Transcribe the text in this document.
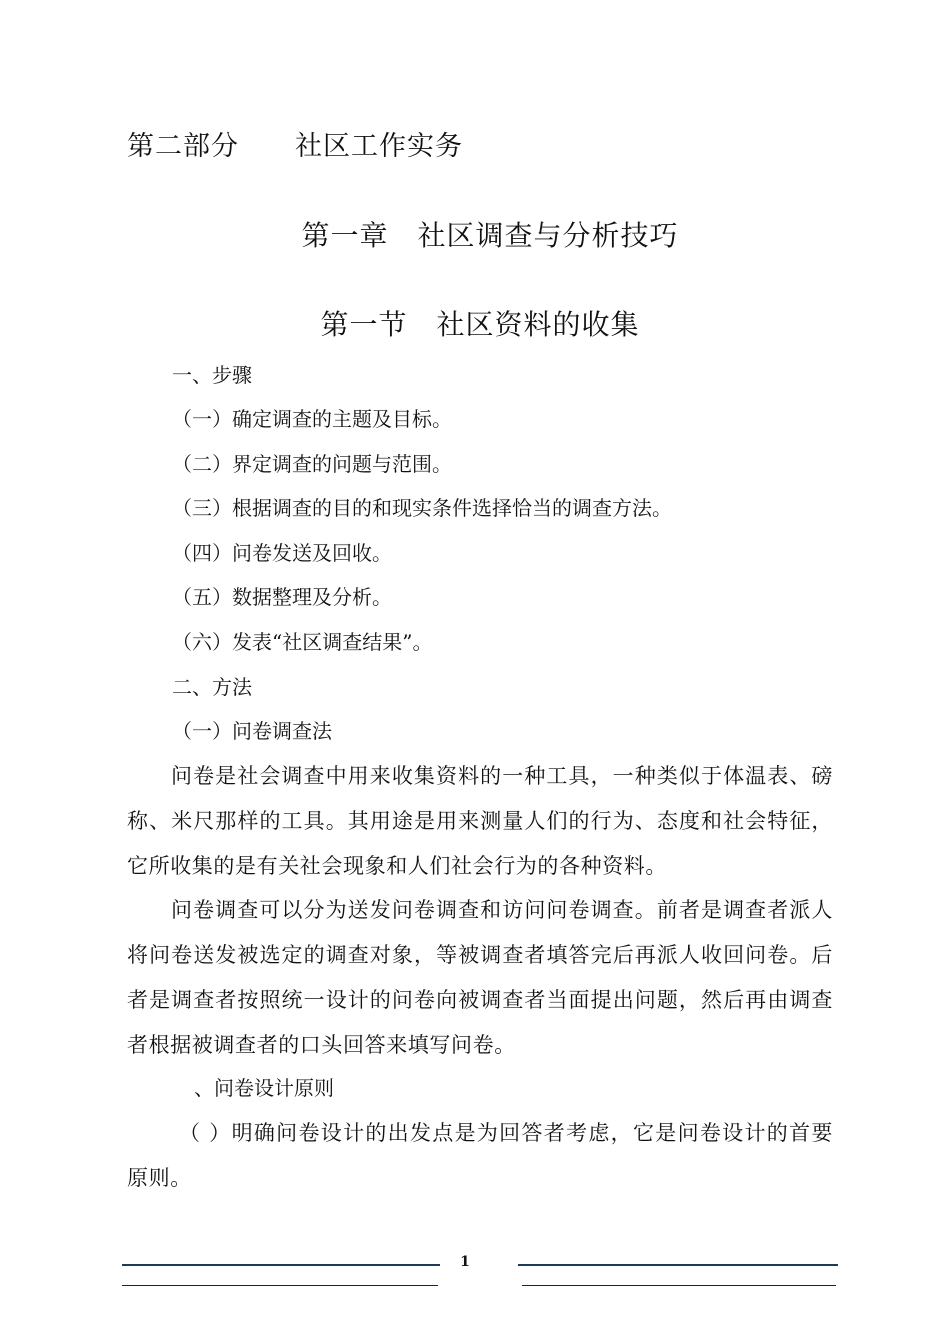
第二部分　　社区工作实务
第一章　社区调查与分析技巧
第一节　社区资料的收集
一、步骤
（一）确定调查的主题及目标。
（二）界定调查的问题与范围。
（三）根据调查的目的和现实条件选择恰当的调查方法。
（四）问卷发送及回收。
（五）数据整理及分析。
（六）发表“社区调查结果”。
二、方法
（一）问卷调查法
问卷是社会调查中用来收集资料的一种工具，一种类似于体温表、磅称、米尺那样的工具。其用途是用来测量人们的行为、态度和社会特征，它所收集的是有关社会现象和人们社会行为的各种资料。
问卷调查可以分为送发问卷调查和访问问卷调查。前者是调查者派人将问卷送发被选定的调查对象，等被调查者填答完后再派人收回问卷。后者是调查者按照统一设计的问卷向被调查者当面提出问题，然后再由调查者根据被调查者的口头回答来填写问卷。
、问卷设计原则
（ ）明确问卷设计的出发点是为回答者考虑，它是问卷设计的首要原则。
1
